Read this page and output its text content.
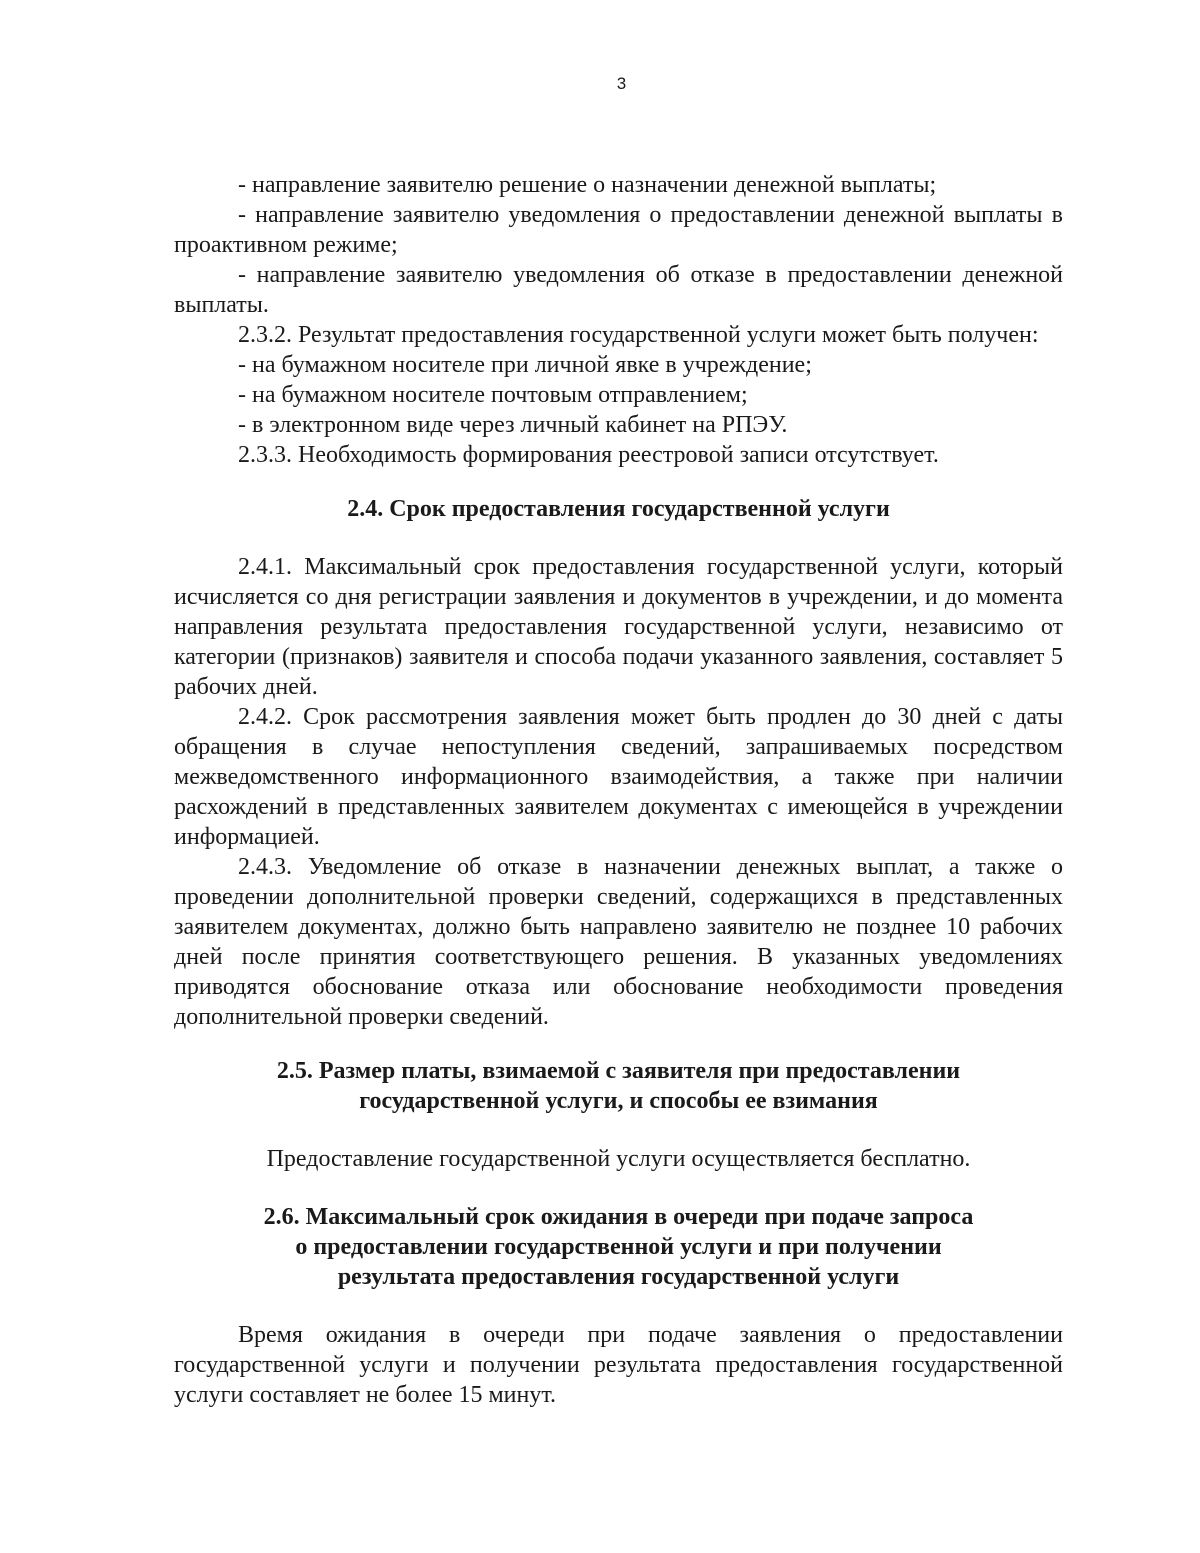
3

- направление заявителю решение о назначении денежной выплаты;

- направление заявителю уведомления о предоставлении денежной выплаты в проактивном режиме;

- направление заявителю уведомления об отказе в предоставлении денежной выплаты.

2.3.2. Результат предоставления государственной услуги может быть получен:

- на бумажном носителе при личной явке в учреждение;

- на бумажном носителе почтовым отправлением;

- в электронном виде через личный кабинет на РПЭУ.

2.3.3. Необходимость формирования реестровой записи отсутствует.

2.4. Срок предоставления государственной услуги

2.4.1. Максимальный срок предоставления государственной услуги, который исчисляется со дня регистрации заявления и документов в учреждении, и до момента направления результата предоставления государственной услуги, независимо от категории (признаков) заявителя и способа подачи указанного заявления, составляет 5 рабочих дней.

2.4.2. Срок рассмотрения заявления может быть продлен до 30 дней с даты обращения в случае непоступления сведений, запрашиваемых посредством межведомственного информационного взаимодействия, а также при наличии расхождений в представленных заявителем документах с имеющейся в учреждении информацией.

2.4.3. Уведомление об отказе в назначении денежных выплат, а также о проведении дополнительной проверки сведений, содержащихся в представленных заявителем документах, должно быть направлено заявителю не позднее 10 рабочих дней после принятия соответствующего решения. В указанных уведомлениях приводятся обоснование отказа или обоснование необходимости проведения дополнительной проверки сведений.

2.5. Размер платы, взимаемой с заявителя при предоставлении
государственной услуги, и способы ее взимания

Предоставление государственной услуги осуществляется бесплатно.

2.6. Максимальный срок ожидания в очереди при подаче запроса
о предоставлении государственной услуги и при получении
результата предоставления государственной услуги

Время ожидания в очереди при подаче заявления о предоставлении государственной услуги и получении результата предоставления государственной услуги составляет не более 15 минут.
